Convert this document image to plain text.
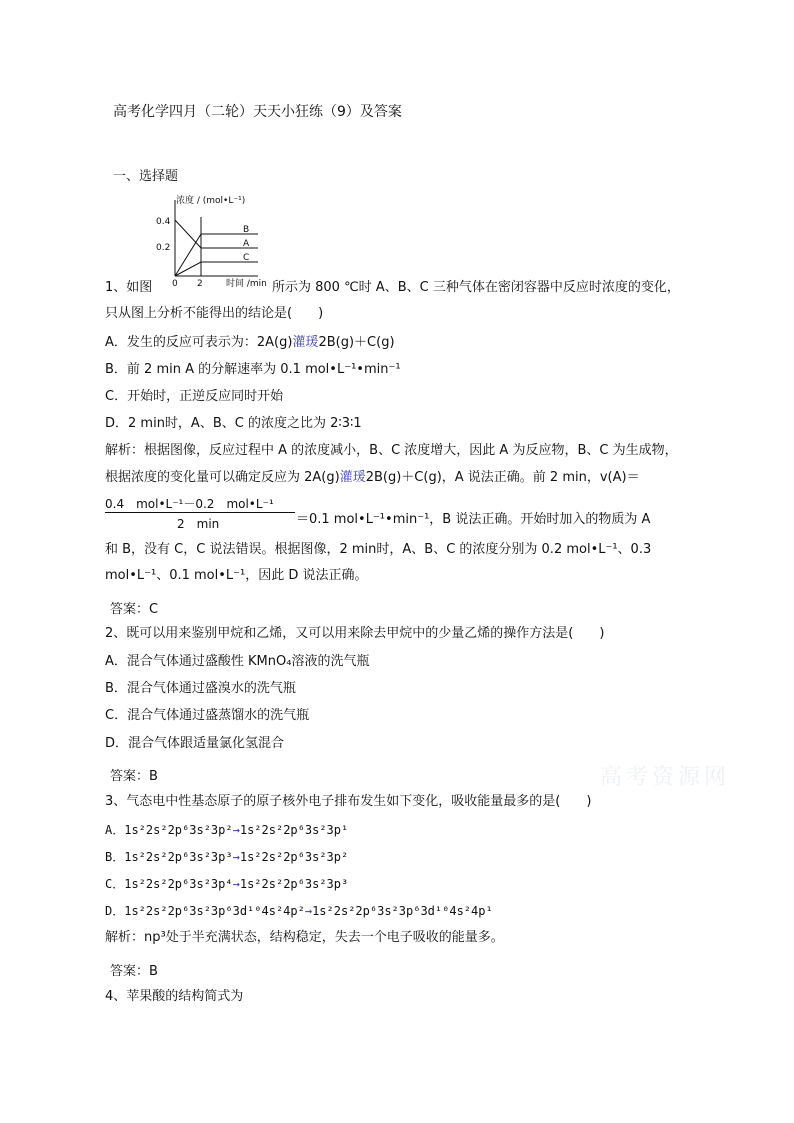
高考化学四月（二轮）天天小狂练（9）及答案
一、选择题
浓度 / (mol•L⁻¹)
0.4
0.2
0 2	时间 /min
B
A
C
1、如图	所示为 800 ℃时 A、B、C 三种气体在密闭容器中反应时浓度的变化，
只从图上分析不能得出的结论是(　　)
A．发生的反应可表示为：2A(g)灌瑗2B(g)＋C(g)
B．前 2 min A 的分解速率为 0.1 mol•L⁻¹•min⁻¹
C．开始时，正逆反应同时开始
D．2 min时，A、B、C 的浓度之比为 2∶3∶1
解析：根据图像，反应过程中 A 的浓度减小，B、C 浓度增大，因此 A 为反应物，B、C 为生成物，
根据浓度的变化量可以确定反应为 2A(g)灌瑗2B(g)＋C(g)，A 说法正确。前 2 min，v(A)＝
0.4　mol•L⁻¹－0.2　mol•L⁻¹
2　min	＝0.1 mol•L⁻¹•min⁻¹，B 说法正确。开始时加入的物质为 A
和 B，没有 C，C 说法错误。根据图像，2 min时，A、B、C 的浓度分别为 0.2 mol•L⁻¹、0.3
mol•L⁻¹、0.1 mol•L⁻¹，因此 D 说法正确。
答案：C
2、既可以用来鉴别甲烷和乙烯，又可以用来除去甲烷中的少量乙烯的操作方法是(　　)
A．混合气体通过盛酸性 KMnO₄溶液的洗气瓶
B．混合气体通过盛溴水的洗气瓶
C．混合气体通过盛蒸馏水的洗气瓶
D．混合气体跟适量氯化氢混合
答案：B	高考资源网
3、气态电中性基态原子的原子核外电子排布发生如下变化，吸收能量最多的是(　　)
A．1s²2s²2p⁶3s²3p²→1s²2s²2p⁶3s²3p¹
B．1s²2s²2p⁶3s²3p³→1s²2s²2p⁶3s²3p²
C．1s²2s²2p⁶3s²3p⁴→1s²2s²2p⁶3s²3p³
D．1s²2s²2p⁶3s²3p⁶3d¹⁰4s²4p²→1s²2s²2p⁶3s²3p⁶3d¹⁰4s²4p¹
解析：np³处于半充满状态，结构稳定，失去一个电子吸收的能量多。
答案：B
4、苹果酸的结构简式为
